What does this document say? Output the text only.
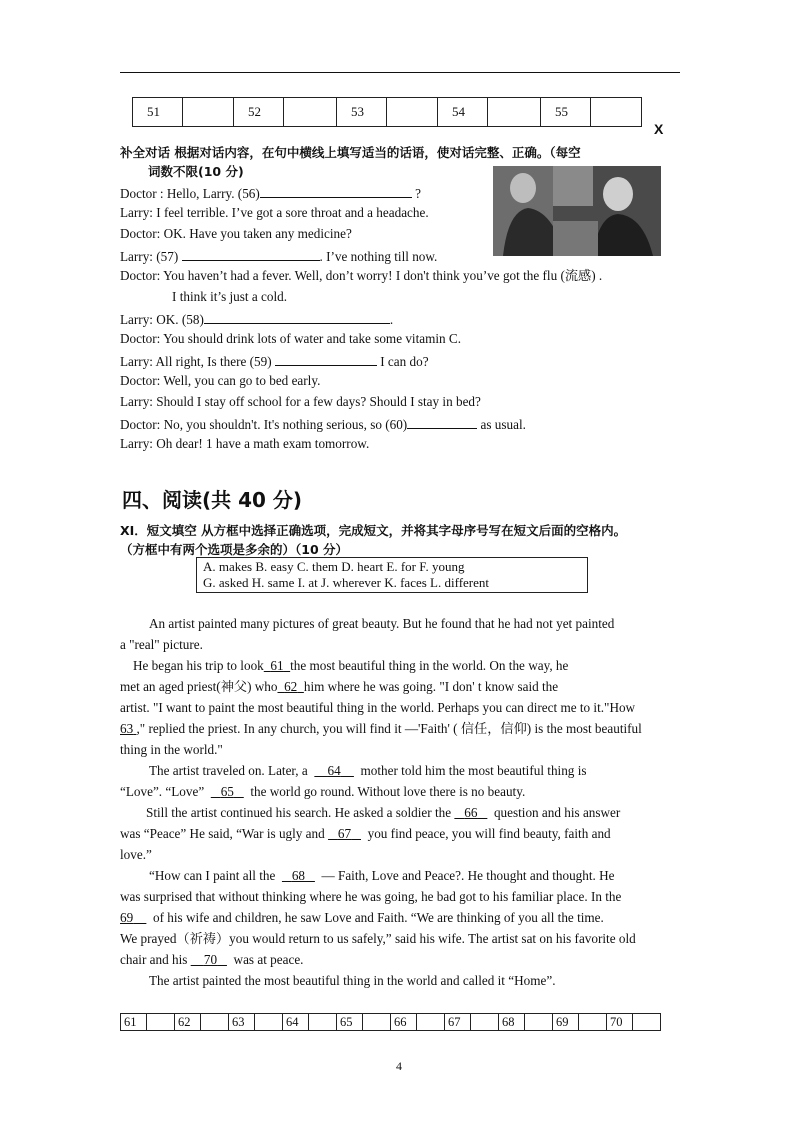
51		52		53		54		55	
X
补全对话 根据对话内容，在句中横线上填写适当的话语，使对话完整、正确。（每空
词数不限(10 分)
Doctor : Hello, Larry. (56)	?
Larry: I feel terrible. I’ve got a sore throat and a headache.
Doctor: OK. Have you taken any medicine?
Larry: (57)	. I’ve nothing till now.
Doctor: You haven’t had a fever. Well, don’t worry! I don't think you’ve got the flu (流感) .
I think it’s just a cold.
Larry: OK. (58)	.
Doctor: You should drink lots of water and take some vitamin C.
Larry: All right, Is there (59)	I can do?
Doctor: Well, you can go to bed early.
Larry: Should I stay off school for a few days? Should I stay in bed?
Doctor: No, you shouldn't. It's nothing serious, so (60)	as usual.
Larry: Oh dear! 1 have a math exam tomorrow.
四、阅读(共 40 分)
XI．短文填空 从方框中选择正确选项，完成短文，并将其字母序号写在短文后面的空格内。
（方框中有两个选项是多余的）（10 分）
A. makes B. easy C. them D. heart E. for F. young
G. asked H. same I. at J. wherever K. faces L. different
An artist painted many pictures of great beauty. But he found that he had not yet painted
a "real" picture.
He began his trip to look 61 the most beautiful thing in the world. On the way, he
met an aged priest(神父) who 62 him where he was going. "I don' t know said the
artist. "I want to paint the most beautiful thing in the world. Perhaps you can direct me to it."How
63 ," replied the priest. In any church, you will find it —'Faith' ( 信任，信仰) is the most beautiful
thing in the world."
The artist traveled on. Later, a 64 mother told him the most beautiful thing is
“Love”. “Love” 65 the world go round. Without love there is no beauty.
Still the artist continued his search. He asked a soldier the 66 question and his answer
was “Peace” He said, “War is ugly and 67 you find peace, you will find beauty, faith and
love.”
“How can I paint all the 68 — Faith, Love and Peace?. He thought and thought. He
was surprised that without thinking where he was going, he bad got to his familiar place. In the
69 of his wife and children, he saw Love and Faith. “We are thinking of you all the time.
We prayed（祈祷）you would return to us safely,” said his wife. The artist sat on his favorite old
chair and his 70 was at peace.
The artist painted the most beautiful thing in the world and called it “Home”.
61		62		63		64		65		66		67		68		69		70	
4
